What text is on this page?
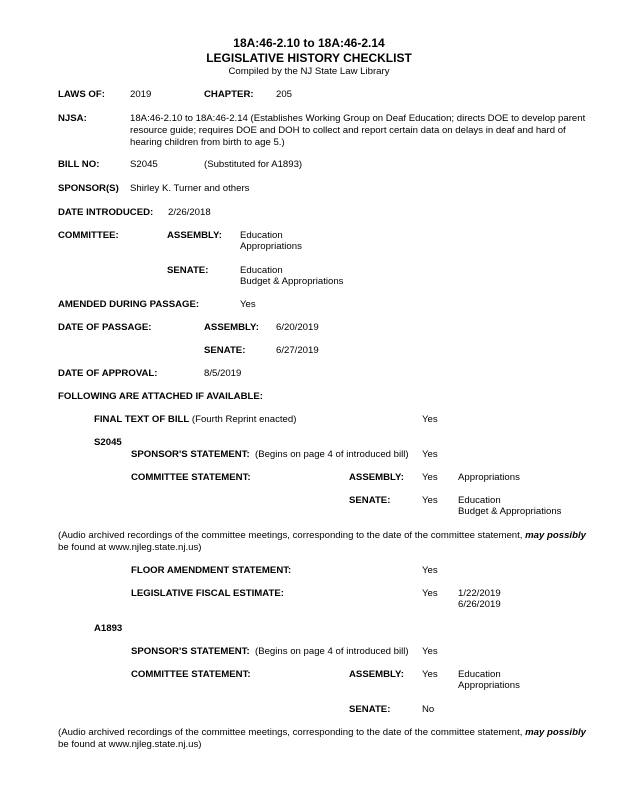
18A:46-2.10 to 18A:46-2.14
LEGISLATIVE HISTORY CHECKLIST
Compiled by the NJ State Law Library
LAWS OF:	2019	CHAPTER: 205
NJSA:	18A:46-2.10 to 18A:46-2.14 (Establishes Working Group on Deaf Education; directs DOE to develop parent
resource guide; requires DOE and DOH to collect and report certain data on delays in deaf and hard of
hearing children from birth to age 5.)
BILL NO:	S2045	(Substituted for A1893)
SPONSOR(S) Shirley K. Turner and others
DATE INTRODUCED: 2/26/2018
COMMITTEE:	ASSEMBLY: Education
Appropriations
SENATE:	Education
Budget & Appropriations
AMENDED DURING PASSAGE:	Yes
DATE OF PASSAGE:	ASSEMBLY: 6/20/2019
SENATE:	6/27/2019
DATE OF APPROVAL:	8/5/2019
FOLLOWING ARE ATTACHED IF AVAILABLE:
FINAL TEXT OF BILL (Fourth Reprint enacted)	Yes
S2045
SPONSOR'S STATEMENT: (Begins on page 4 of introduced bill) Yes
COMMITTEE STATEMENT:	ASSEMBLY: Yes Appropriations
SENATE:	Yes Education
Budget & Appropriations
(Audio archived recordings of the committee meetings, corresponding to the date of the committee statement, may possibly
be found at www.njleg.state.nj.us)
FLOOR AMENDMENT STATEMENT:	Yes
LEGISLATIVE FISCAL ESTIMATE:	Yes 1/22/2019
6/26/2019
A1893
SPONSOR'S STATEMENT: (Begins on page 4 of introduced bill) Yes
COMMITTEE STATEMENT:	ASSEMBLY: Yes Education
Appropriations
SENATE:	No
(Audio archived recordings of the committee meetings, corresponding to the date of the committee statement, may possibly
be found at www.njleg.state.nj.us)
